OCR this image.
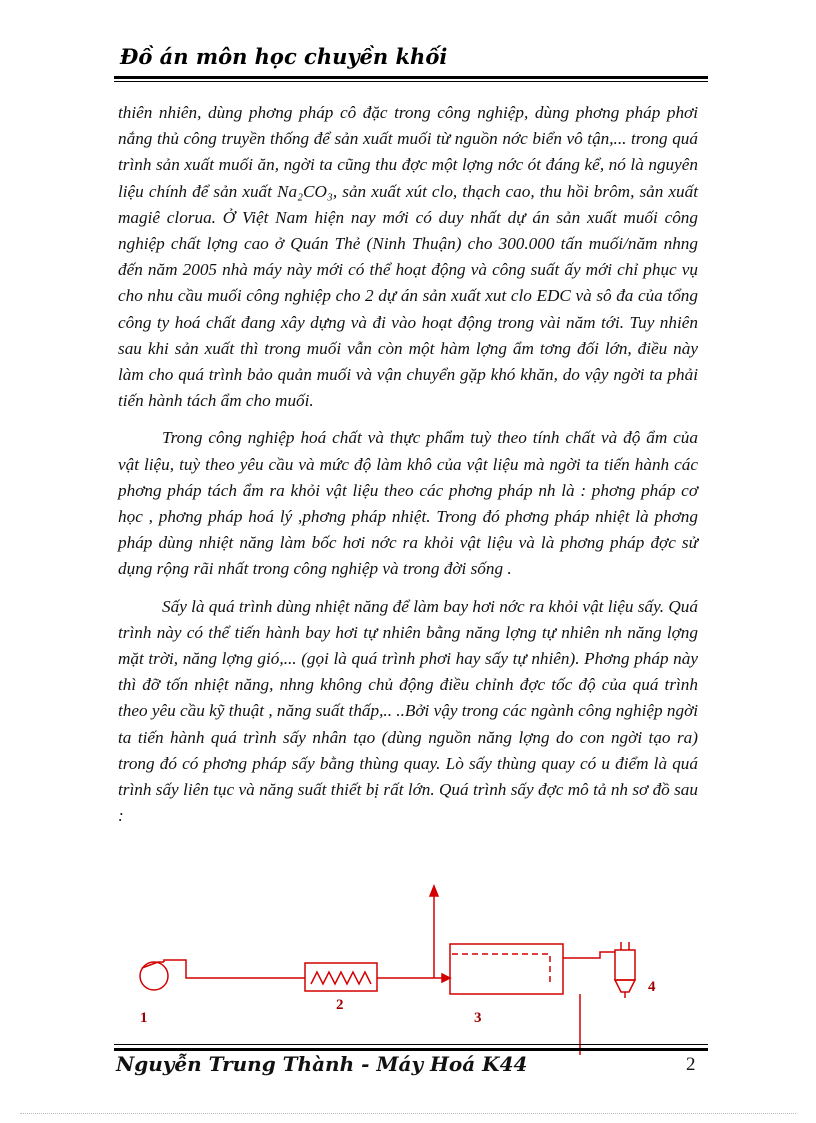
Đồ án môn học chuyền khối

thiên nhiên, dùng phơng pháp cô đặc trong công nghiệp, dùng phơng pháp phơi nắng thủ công truyền thống để sản xuất muối từ nguồn nớc biển vô tận,... trong quá trình sản xuất muối ăn, ngời ta cũng thu đợc một lợng nớc ót đáng kể, nó là nguyên liệu chính để sản xuất Na₂CO₃, sản xuất xút clo, thạch cao, thu hồi brôm, sản xuất magiê clorua. Ở Việt Nam hiện nay mới có duy nhất dự án sản xuất muối công nghiệp chất lợng cao ở Quán Thẻ (Ninh Thuận) cho 300.000 tấn muối/năm nhng đến năm 2005 nhà máy này mới có thể hoạt động và công suất ấy mới chỉ phục vụ cho nhu cầu muối công nghiệp cho 2 dự án sản xuất xut clo EDC và sô đa của tổng công ty hoá chất đang xây dựng và đi vào hoạt động trong vài năm tới. Tuy nhiên sau khi sản xuất thì trong muối vẫn còn một hàm lợng ẩm tơng đối lớn, điều này làm cho quá trình bảo quản muối và vận chuyển gặp khó khăn, do vậy ngời ta phải tiến hành tách ẩm cho muối.

Trong công nghiệp hoá chất và thực phẩm tuỳ theo tính chất và độ ẩm của vật liệu, tuỳ theo yêu cầu và mức độ làm khô của vật liệu mà ngời ta tiến hành các phơng pháp tách ẩm ra khỏi vật liệu theo các phơng pháp nh là : phơng pháp cơ học , phơng pháp hoá lý ,phơng pháp nhiệt. Trong đó phơng pháp nhiệt là phơng pháp dùng nhiệt năng làm bốc hơi nớc ra khỏi vật liệu và là phơng pháp đợc sử dụng rộng rãi nhất trong công nghiệp và trong đời sống .

Sấy là quá trình dùng nhiệt năng để làm bay hơi nớc ra khỏi vật liệu sấy. Quá trình này có thể tiến hành bay hơi tự nhiên bằng năng lợng tự nhiên nh năng lợng mặt trời, năng lợng gió,... (gọi là quá trình phơi hay sấy tự nhiên). Phơng pháp này thì đỡ tốn nhiệt năng, nhng không chủ động điều chỉnh đợc tốc độ của quá trình theo yêu cầu kỹ thuật , năng suất thấp,.. ..Bởi vậy trong các ngành công nghiệp ngời ta tiến hành quá trình sấy nhân tạo (dùng nguồn năng lợng do con ngời tạo ra) trong đó có phơng pháp sấy bằng thùng quay. Lò sấy thùng quay có u điểm là quá trình sấy liên tục và năng suất thiết bị rất lớn. Quá trình sấy đợc mô tả nh sơ đồ sau :

1
2
3
4
Nguyễn Trung Thành - Máy Hoá K44	2
